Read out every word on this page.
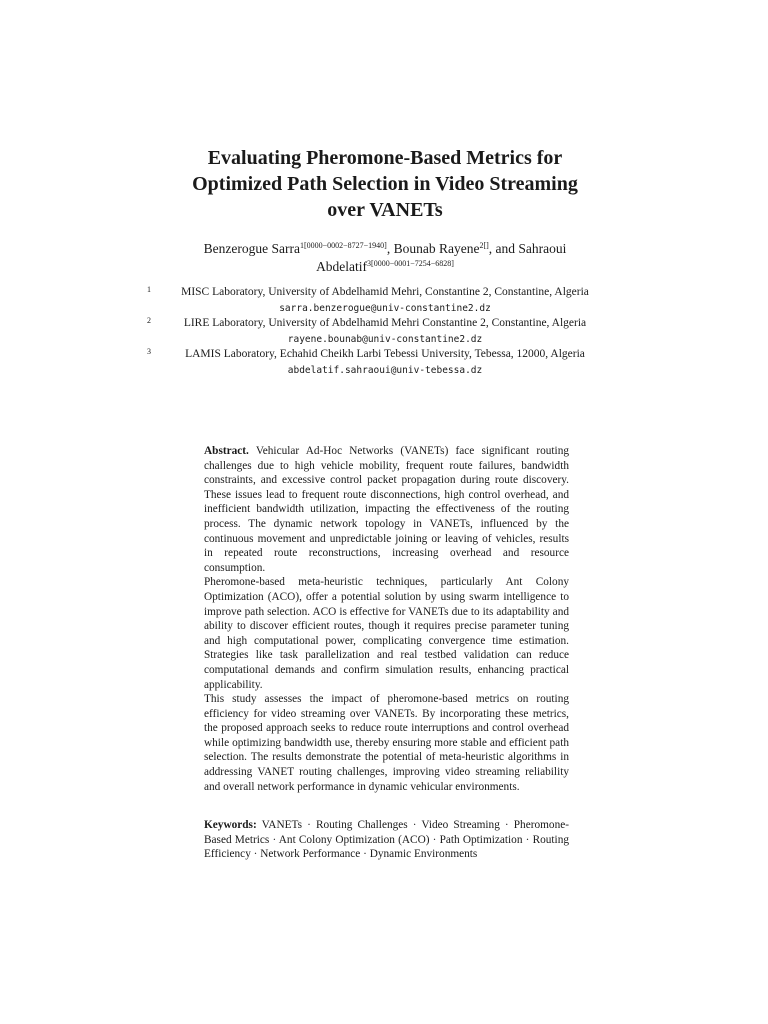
Evaluating Pheromone-Based Metrics for
Optimized Path Selection in Video Streaming
over VANETs
Benzerogue Sarra$^{1[0000-0002-8727-1940]}$, Bounab Rayene$^{2[]}$, and Sahraoui
Abdelatif$^{3[0000-0001-7254-6828]}$
1	MISC Laboratory, University of Abdelhamid Mehri, Constantine 2, Constantine, Algeria
sarra.benzerogue@univ-constantine2.dz
2	LIRE Laboratory, University of Abdelhamid Mehri Constantine 2, Constantine, Algeria
rayene.bounab@univ-constantine2.dz
3	LAMIS Laboratory, Echahid Cheikh Larbi Tebessi University, Tebessa, 12000, Algeria
abdelatif.sahraoui@univ-tebessa.dz

Abstract. Vehicular Ad-Hoc Networks (VANETs) face significant routing challenges due to high vehicle mobility, frequent route failures, bandwidth constraints, and excessive control packet propagation during route discovery. These issues lead to frequent route disconnections, high control overhead, and inefficient bandwidth utilization, impacting the effectiveness of the routing process. The dynamic network topology in VANETs, influenced by the continuous movement and unpredictable joining or leaving of vehicles, results in repeated route reconstructions, increasing overhead and resource consumption.

Pheromone-based meta-heuristic techniques, particularly Ant Colony Optimization (ACO), offer a potential solution by using swarm intelligence to improve path selection. ACO is effective for VANETs due to its adaptability and ability to discover efficient routes, though it requires precise parameter tuning and high computational power, complicating convergence time estimation. Strategies like task parallelization and real testbed validation can reduce computational demands and confirm simulation results, enhancing practical applicability.

This study assesses the impact of pheromone-based metrics on routing efficiency for video streaming over VANETs. By incorporating these metrics, the proposed approach seeks to reduce route interruptions and control overhead while optimizing bandwidth use, thereby ensuring more stable and efficient path selection. The results demonstrate the potential of meta-heuristic algorithms in addressing VANET routing challenges, improving video streaming reliability and overall network performance in dynamic vehicular environments.

Keywords: VANETs · Routing Challenges · Video Streaming · Pheromone-Based Metrics · Ant Colony Optimization (ACO) · Path Optimization · Routing Efficiency · Network Performance · Dynamic Environments
